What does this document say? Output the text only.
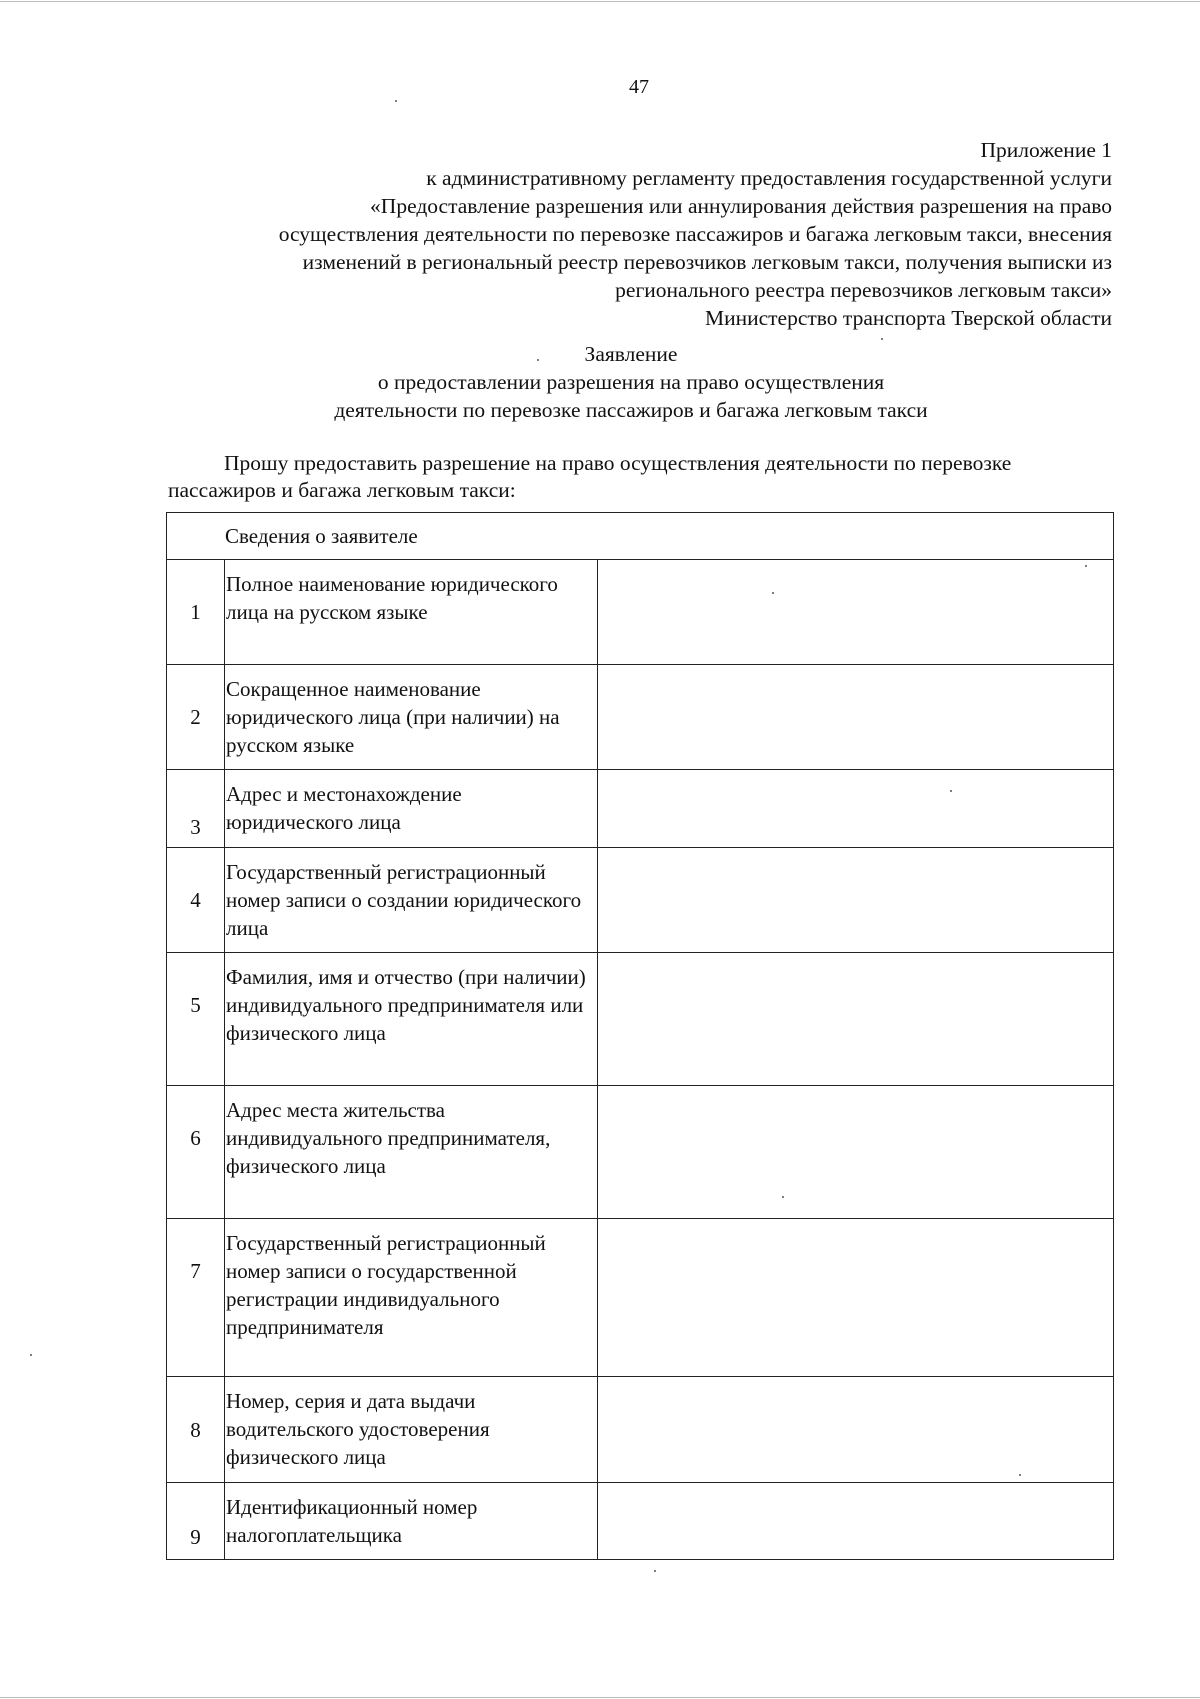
47
Приложение 1
к административному регламенту предоставления государственной услуги
«Предоставление разрешения или аннулирования действия разрешения на право
осуществления деятельности по перевозке пассажиров и багажа легковым такси, внесения
изменений в региональный реестр перевозчиков легковым такси, получения выписки из
регионального реестра перевозчиков легковым такси»
Министерство транспорта Тверской области
Заявление
о предоставлении разрешения на право осуществления
деятельности по перевозке пассажиров и багажа легковым такси
Прошу предоставить разрешение на право осуществления деятельности по перевозке пассажиров и багажа легковым такси:
Сведения о заявителе		
1	Полное наименование юридического лица на русском языке	
2	Сокращенное наименование юридического лица (при наличии) на русском языке	
3	Адрес и местонахождение юридического лица	
4	Государственный регистрационный номер записи о создании юридического лица	
5	Фамилия, имя и отчество (при наличии) индивидуального предпринимателя или физического лица	
6	Адрес места жительства индивидуального предпринимателя, физического лица	
7	Государственный регистрационный номер записи о государственной регистрации индивидуального предпринимателя	
8	Номер, серия и дата выдачи водительского удостоверения физического лица	
9	Идентификационный номер налогоплательщика	
